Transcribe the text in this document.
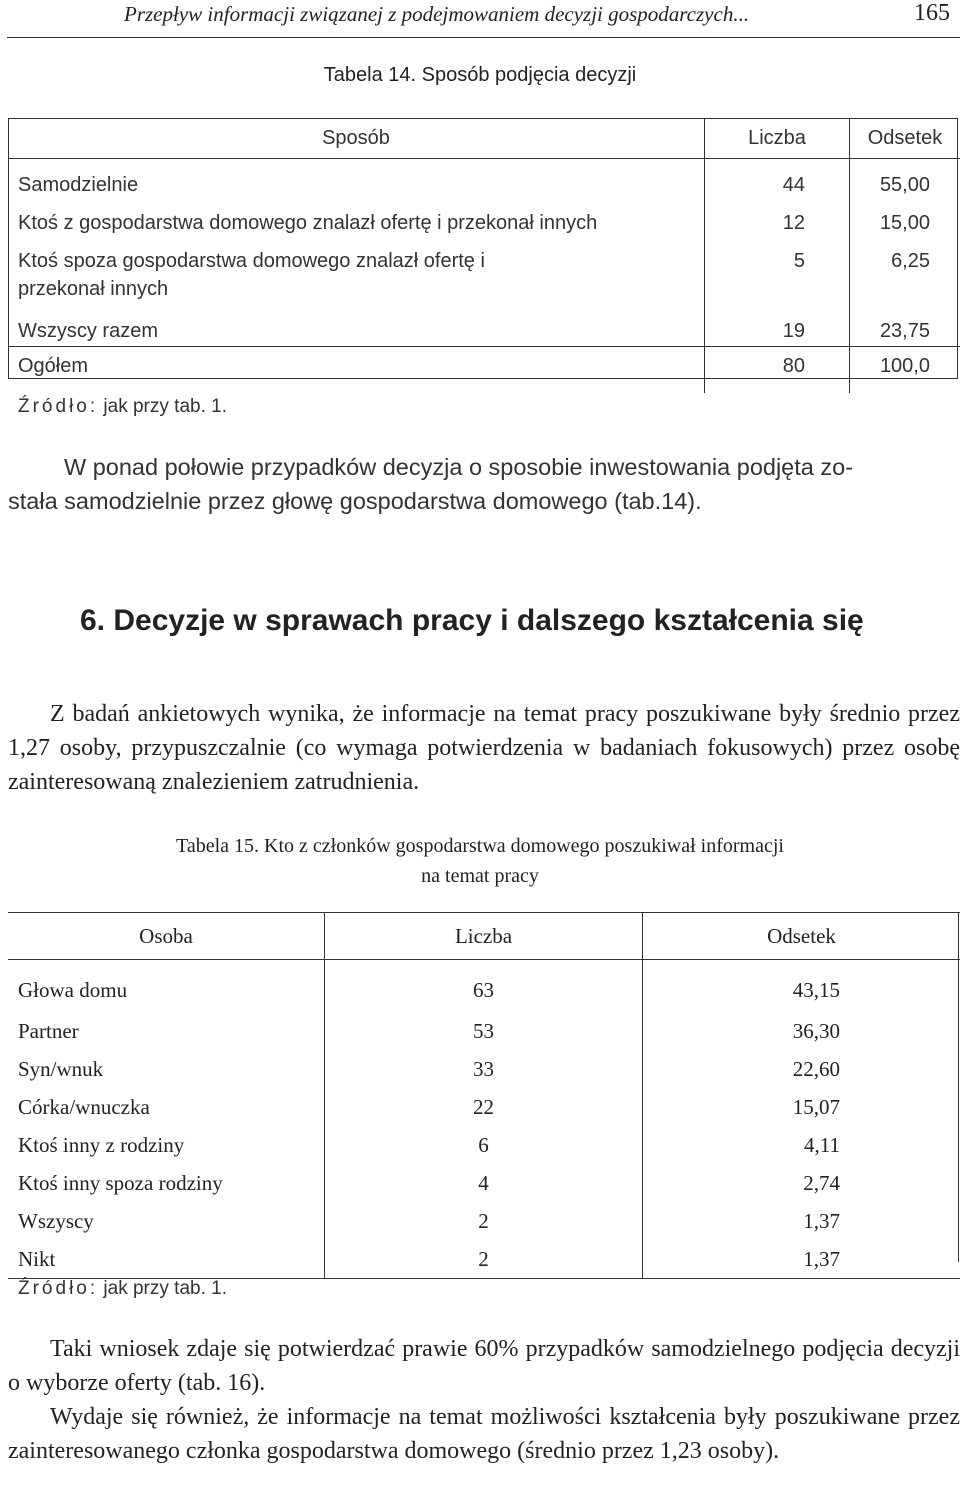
Przepływ informacji związanej z podejmowaniem decyzji gospodarczych...	165
Tabela 14. Sposób podjęcia decyzji
Sposób	Liczba	Odsetek
Samodzielnie	44	55,00
Ktoś z gospodarstwa domowego znalazł ofertę i przekonał innych	12	15,00
Ktoś spoza gospodarstwa domowego znalazł ofertę i przekonał innych	5	6,25
Wszyscy razem	19	23,75
Ogółem	80	100,0
Źródło: jak przy tab. 1.
W ponad połowie przypadków decyzja o sposobie inwestowania podjęta zo-
stała samodzielnie przez głowę gospodarstwa domowego (tab.14).
6. Decyzje w sprawach pracy i dalszego kształcenia się
Z badań ankietowych wynika, że informacje na temat pracy poszukiwane były średnio przez 1,27 osoby, przypuszczalnie (co wymaga potwierdzenia w badaniach fokusowych) przez osobę zainteresowaną znalezieniem zatrudnienia.
Tabela 15. Kto z członków gospodarstwa domowego poszukiwał informacji
na temat pracy
Osoba	Liczba	Odsetek
Głowa domu	63	43,15
Partner	53	36,30
Syn/wnuk	33	22,60
Córka/wnuczka	22	15,07
Ktoś inny z rodziny	6	4,11
Ktoś inny spoza rodziny	4	2,74
Wszyscy	2	1,37
Nikt	2	1,37
Źródło: jak przy tab. 1.

Taki wniosek zdaje się potwierdzać prawie 60% przypadków samodzielnego podjęcia decyzji o wyborze oferty (tab. 16).

Wydaje się również, że informacje na temat możliwości kształcenia były poszukiwane przez zainteresowanego członka gospodarstwa domowego (średnio przez 1,23 osoby).
